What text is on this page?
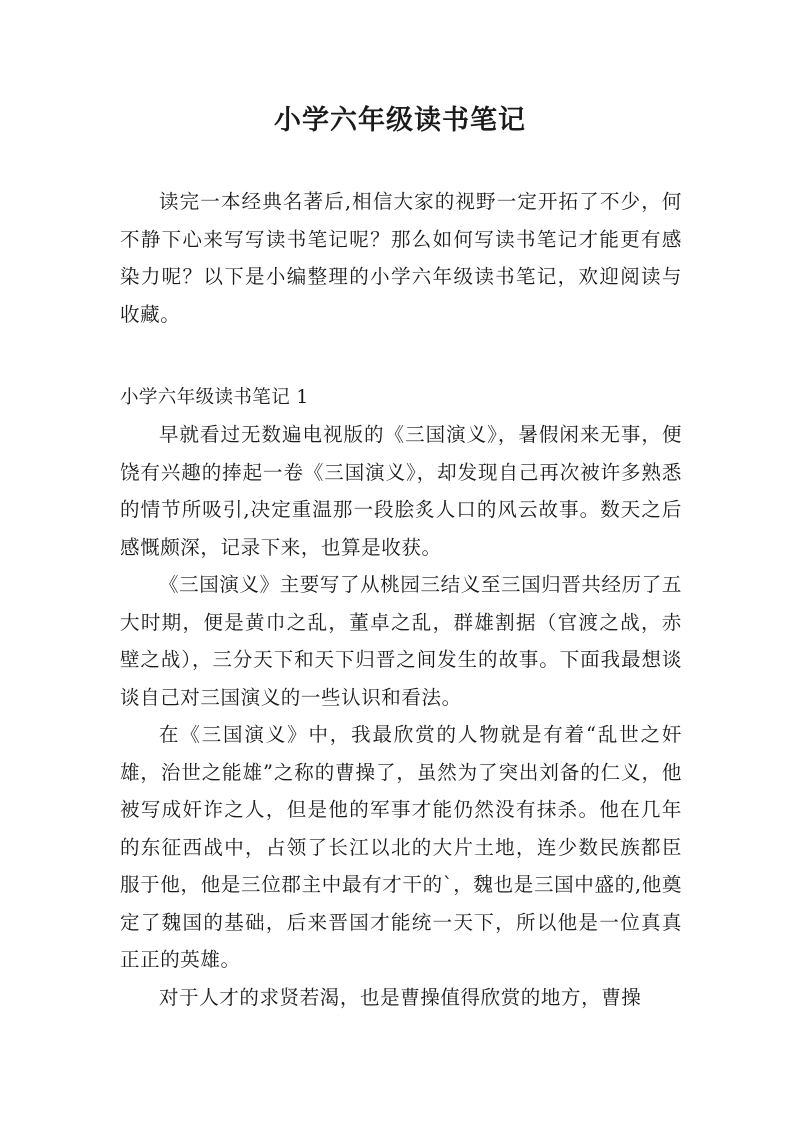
小学六年级读书笔记

读完一本经典名著后,相信大家的视野一定开拓了不少，何不静下心来写写读书笔记呢？那么如何写读书笔记才能更有感染力呢？以下是小编整理的小学六年级读书笔记，欢迎阅读与收藏。

小学六年级读书笔记 1

早就看过无数遍电视版的《三国演义》，暑假闲来无事，便饶有兴趣的捧起一卷《三国演义》，却发现自己再次被许多熟悉的情节所吸引,决定重温那一段脍炙人口的风云故事。数天之后感慨颇深，记录下来，也算是收获。

《三国演义》主要写了从桃园三结义至三国归晋共经历了五大时期，便是黄巾之乱，董卓之乱，群雄割据（官渡之战，赤壁之战），三分天下和天下归晋之间发生的故事。下面我最想谈谈自己对三国演义的一些认识和看法。

在《三国演义》中，我最欣赏的人物就是有着“乱世之奸雄，治世之能雄”之称的曹操了，虽然为了突出刘备的仁义，他被写成奸诈之人，但是他的军事才能仍然没有抹杀。他在几年的东征西战中，占领了长江以北的大片土地，连少数民族都臣服于他，他是三位郡主中最有才干的`，魏也是三国中盛的,他奠定了魏国的基础，后来晋国才能统一天下，所以他是一位真真正正的英雄。

对于人才的求贤若渴，也是曹操值得欣赏的地方，曹操
